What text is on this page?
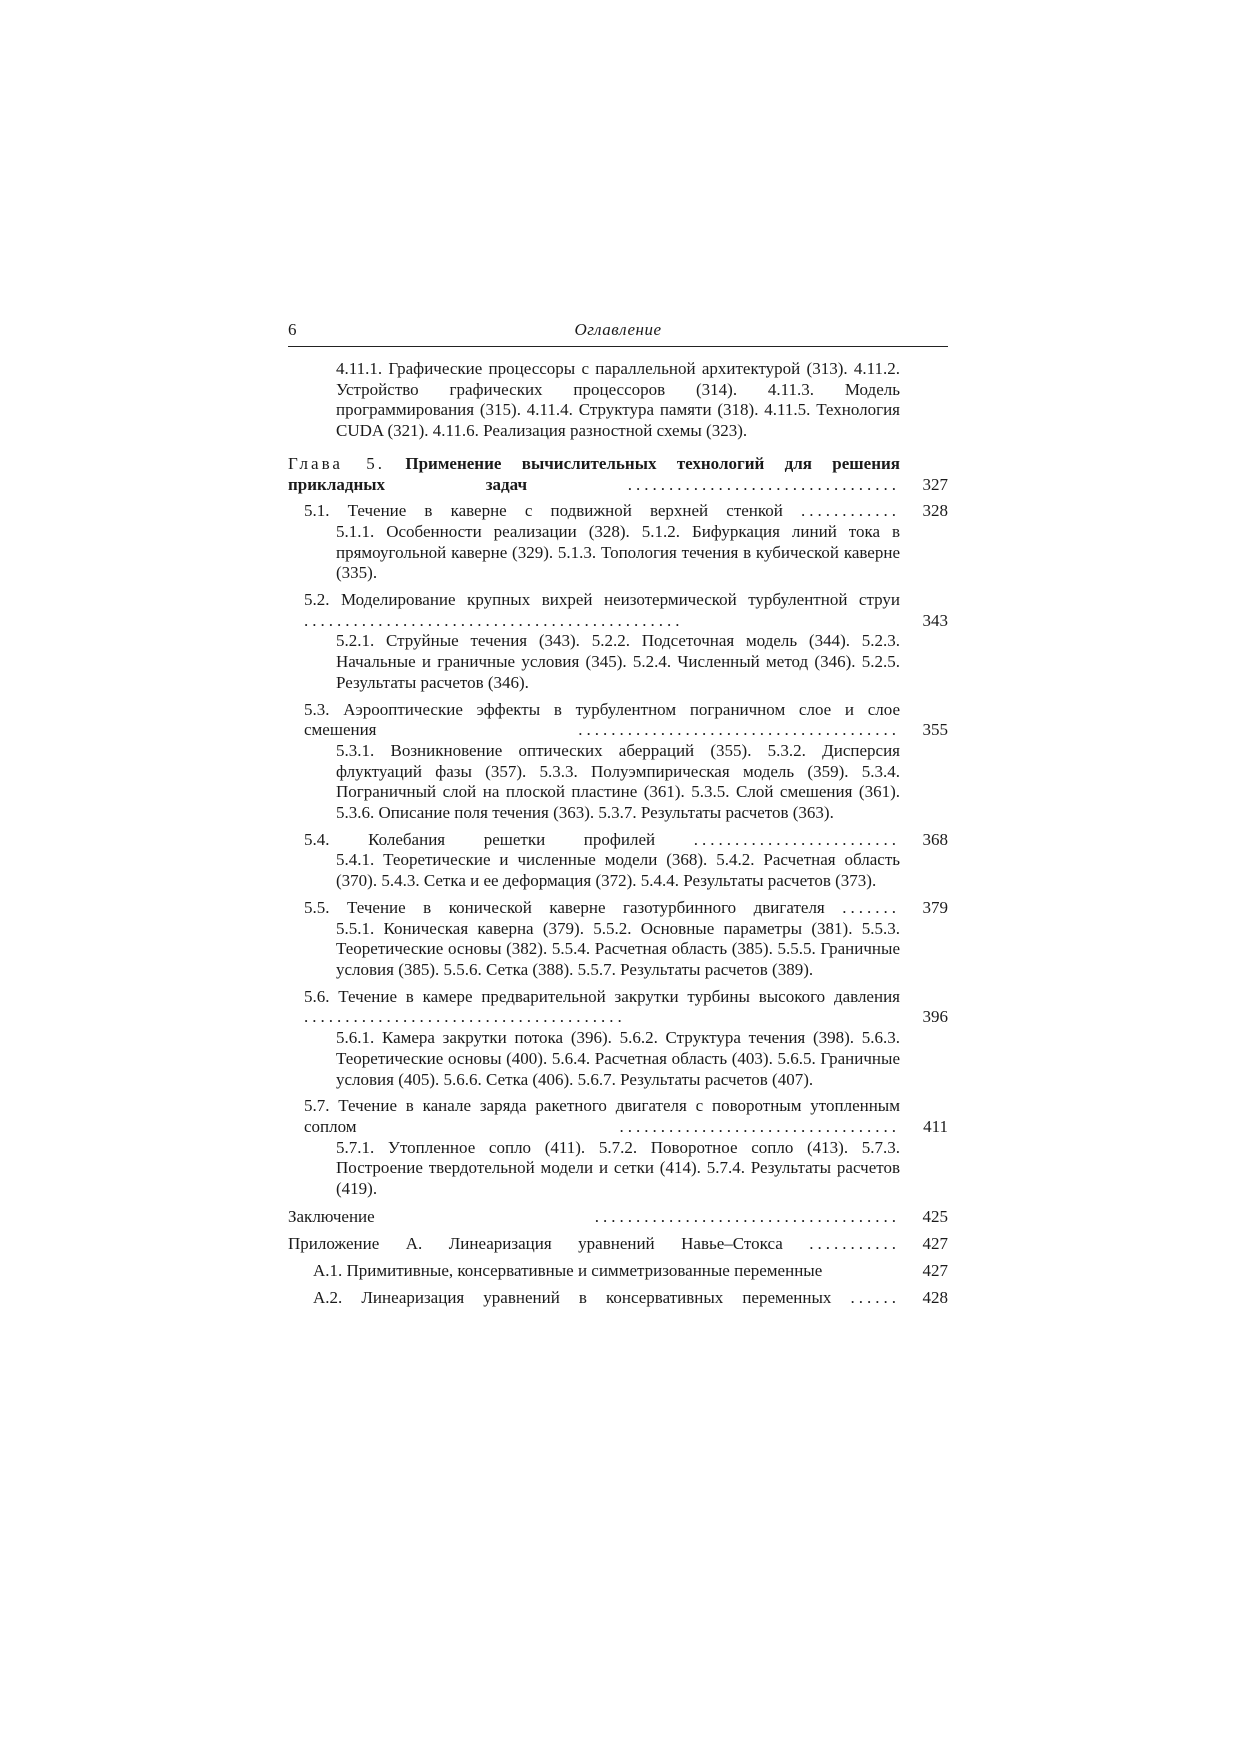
6	Оглавление
4.11.1. Графические процессоры с параллельной архитектурой (313). 4.11.2. Устройство графических процессоров (314). 4.11.3. Модель программирования (315). 4.11.4. Структура памяти (318). 4.11.5. Технология CUDA (321). 4.11.6. Реализация разностной схемы (323).
Глава 5. Применение вычислительных технологий для решения прикладных задач	.................................	327
5.1. Течение в каверне с подвижной верхней стенкой ............	328
5.1.1. Особенности реализации (328). 5.1.2. Бифуркация линий тока в прямоугольной каверне (329). 5.1.3. Топология течения в кубической каверне (335).
5.2. Моделирование крупных вихрей неизотермической турбулентной струи ..............................................	343
5.2.1. Струйные течения (343). 5.2.2. Подсеточная модель (344). 5.2.3. Начальные и граничные условия (345). 5.2.4. Численный метод (346). 5.2.5. Результаты расчетов (346).
5.3. Аэрооптические эффекты в турбулентном пограничном слое и слое смешения	.......................................	355
5.3.1. Возникновение оптических аберраций (355). 5.3.2. Дисперсия флуктуаций фазы (357). 5.3.3. Полуэмпирическая модель (359). 5.3.4. Пограничный слой на плоской пластине (361). 5.3.5. Слой смешения (361). 5.3.6. Описание поля течения (363). 5.3.7. Результаты расчетов (363).
5.4. Колебания решетки профилей .........................	368
5.4.1. Теоретические и численные модели (368). 5.4.2. Расчетная область (370). 5.4.3. Сетка и ее деформация (372). 5.4.4. Результаты расчетов (373).
5.5. Течение в конической каверне газотурбинного двигателя .......	379
5.5.1. Коническая каверна (379). 5.5.2. Основные параметры (381). 5.5.3. Теоретические основы (382). 5.5.4. Расчетная область (385). 5.5.5. Граничные условия (385). 5.5.6. Сетка (388). 5.5.7. Результаты расчетов (389).
5.6. Течение в камере предварительной закрутки турбины высокого давления .......................................	396
5.6.1. Камера закрутки потока (396). 5.6.2. Структура течения (398). 5.6.3. Теоретические основы (400). 5.6.4. Расчетная область (403). 5.6.5. Граничные условия (405). 5.6.6. Сетка (406). 5.6.7. Результаты расчетов (407).
5.7. Течение в канале заряда ракетного двигателя с поворотным утопленным соплом	..................................	411
5.7.1. Утопленное сопло (411). 5.7.2. Поворотное сопло (413). 5.7.3. Построение твердотельной модели и сетки (414). 5.7.4. Результаты расчетов (419).
Заключение	.....................................	425
Приложение А. Линеаризация уравнений Навье–Стокса ...........	427
А.1. Примитивные, консервативные и симметризованные переменные	427
А.2. Линеаризация уравнений в консервативных переменных ......	428
